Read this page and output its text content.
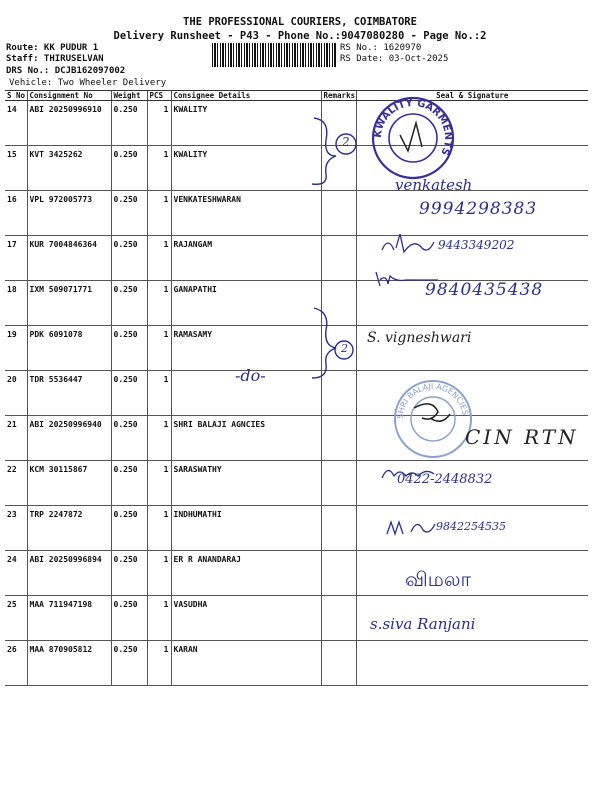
THE PROFESSIONAL COURIERS, COIMBATORE
Delivery Runsheet - P43 - Phone No.:9047080280 - Page No.:2
Route: KK PUDUR 1
Staff: THIRUSELVAN
DRS No.: DCJB162097002
Vehicle: Two Wheeler Delivery
RS No.: 1620970
RS Date: 03-Oct-2025
S No	Consignment No	Weight	PCS	Consignee Details	Remarks	Seal & Signature
14	ABI 20250996910	0.250	1	KWALITY		
15	KVT 3425262	0.250	1	KWALITY		
16	VPL 972005773	0.250	1	VENKATESHWARAN		
17	KUR 7004846364	0.250	1	RAJANGAM		
18	IXM 509071771	0.250	1	GANAPATHI		
19	PDK 6091078	0.250	1	RAMASAMY		
20	TDR 5536447	0.250	1			
21	ABI 20250996940	0.250	1	SHRI BALAJI AGNCIES		
22	KCM 30115867	0.250	1	SARASWATHY		
23	TRP 2247872	0.250	1	INDHUMATHI		
24	ABI 20250996894	0.250	1	ER R ANANDARAJ		
25	MAA 711947198	0.250	1	VASUDHA		
26	MAA 870905812	0.250	1	KARAN		
2
2
KWALITY GARMENTS
SHRI BALAJI AGENCIES
venkatesh
9994298383
9443349202
9840435438
S. vigneshwari
-do-
CIN RTN
0422-2448832
9842254535
விமலா
s.siva Ranjani
